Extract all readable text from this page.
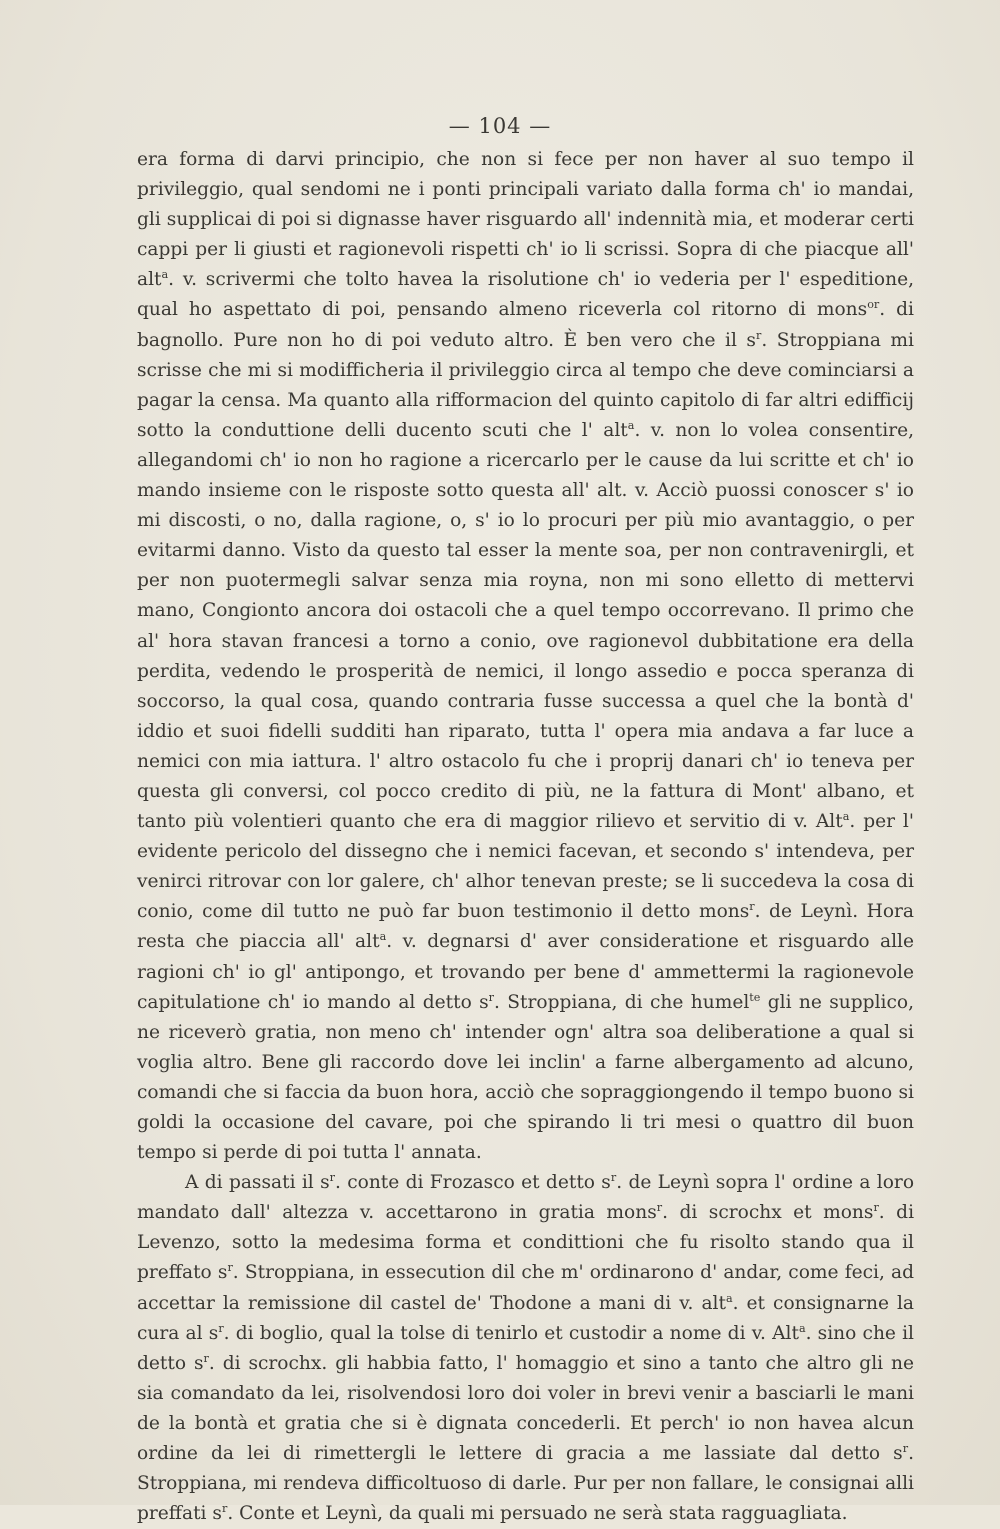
— 104 —

era forma di darvi principio, che non si fece per non haver al suo tempo il privileggio, qual sendomi ne i ponti principali variato dalla forma ch' io mandai, gli supplicai di poi si dignasse haver risguardo all' indennità mia, et moderar certi cappi per li giusti et ragionevoli rispetti ch' io li scrissi. Sopra di che piacque all' alt$^a$. v. scrivermi che tolto havea la risolutione ch' io vederia per l' espeditione, qual ho aspettato di poi, pensando almeno riceverla col ritorno di mons$^{or}$. di bagnollo. Pure non ho di poi veduto altro. È ben vero che il $s^r$. Stroppiana mi scrisse che mi si modifficheria il privileggio circa al tempo che deve cominciarsi a pagar la censa. Ma quanto alla rifformacion del quinto capitolo di far altri edifficij sotto la conduttione delli ducento scuti che l' alt$^a$. v. non lo volea consentire, allegandomi ch' io non ho ragione a ricercarlo per le cause da lui scritte et ch' io mando insieme con le risposte sotto questa all' alt. v. Acciò puossi conoscer s' io mi discosti, o no, dalla ragione, o, s' io lo procuri per più mio avantaggio, o per evitarmi danno. Visto da questo tal esser la mente soa, per non contravenirgli, et per non puotermegli salvar senza mia royna, non mi sono elletto di mettervi mano, Congionto ancora doi ostacoli che a quel tempo occorrevano. Il primo che al' hora stavan francesi a torno a conio, ove ragionevol dubbitatione era della perdita, vedendo le prosperità de nemici, il longo assedio e pocca speranza di soccorso, la qual cosa, quando contraria fusse successa a quel che la bontà d' iddio et suoi fidelli sudditi han riparato, tutta l' opera mia andava a far luce a nemici con mia iattura. l' altro ostacolo fu che i proprij danari ch' io teneva per questa gli conversi, col pocco credito di più, ne la fattura di Mont' albano, et tanto più volentieri quanto che era di maggior rilievo et servitio di v. Alt$^a$. per l' evidente pericolo del dissegno che i nemici facevan, et secondo s' intendeva, per venirci ritrovar con lor galere, ch' alhor tenevan preste; se li succedeva la cosa di conio, come dil tutto ne può far buon testimonio il detto mons$^r$. de Leynì. Hora resta che piaccia all' alt$^a$. v. degnarsi d' aver consideratione et risguardo alle ragioni ch' io gl' antipongo, et trovando per bene d' ammettermi la ragionevole capitulatione ch' io mando al detto $s^r$. Stroppiana, di che humel$^{te}$ gli ne supplico, ne riceverò gratia, non meno ch' intender ogn' altra soa deliberatione a qual si voglia altro. Bene gli raccordo dove lei inclin' a farne albergamento ad alcuno, comandi che si faccia da buon hora, acciò che sopraggiongendo il tempo buono si goldi la occasione del cavare, poi che spirando li tri mesi o quattro dil buon tempo si perde di poi tutta l' annata.

A di passati il $s^r$. conte di Frozasco et detto $s^r$. de Leynì sopra l' ordine a loro mandato dall' altezza v. accettarono in gratia mons$^r$. di scrochx et mons$^r$. di Levenzo, sotto la medesima forma et condittioni che fu risolto stando qua il preffato $s^r$. Stroppiana, in essecution dil che m' ordinarono d' andar, come feci, ad accettar la remissione dil castel de' Thodone a mani di v. alt$^a$. et consignarne la cura al $s^r$. di boglio, qual la tolse di tenirlo et custodir a nome di v. Alt$^a$. sino che il detto $s^r$. di scrochx. gli habbia fatto, l' homaggio et sino a tanto che altro gli ne sia comandato da lei, risolvendosi loro doi voler in brevi venir a basciarli le mani de la bontà et gratia che si è dignata concederli. Et perch' io non havea alcun ordine da lei di rimettergli le lettere di gracia a me lassiate dal detto $s^r$. Stroppiana, mi rendeva difficoltuoso di darle. Pur per non fallare, le consignai alli preffati $s^r$. Conte et Leynì, da quali mi persuado ne serà stata ragguagliata.
